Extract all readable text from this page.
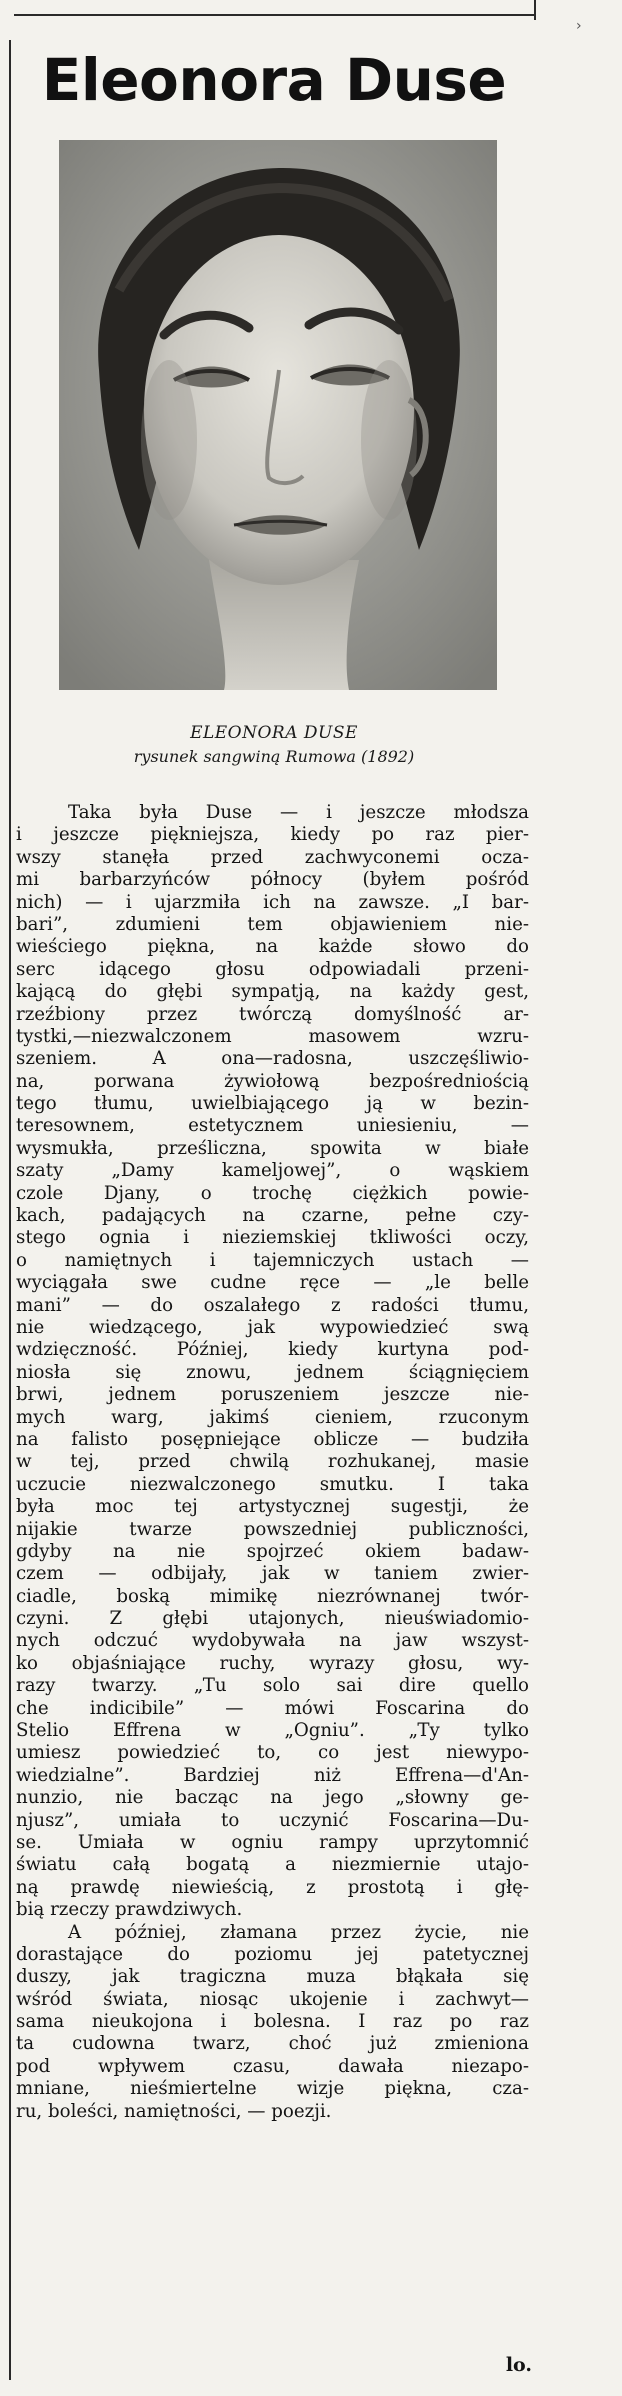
›
Eleonora Duse
ELEONORA DUSE
rysunek sangwiną Rumowa (1892)
Taka była Duse — i jeszcze młodsza
i jeszcze piękniejsza, kiedy po raz pier-
wszy stanęła przed zachwyconemi ocza-
mi barbarzyńców północy (byłem pośród
nich) — i ujarzmiła ich na zawsze. „I bar-
bari”, zdumieni tem objawieniem nie-
wieściego piękna, na każde słowo do
serc idącego głosu odpowiadali przeni-
kającą do głębi sympatją, na każdy gest,
rzeźbiony przez twórczą domyślność ar-
tystki,—niezwalczonem masowem wzru-
szeniem. A ona—radosna, uszczęśliwio-
na, porwana żywiołową bezpośredniością
tego tłumu, uwielbiającego ją w bezin-
teresownem, estetycznem uniesieniu, —
wysmukła, prześliczna, spowita w białe
szaty „Damy kameljowej”, o wąskiem
czole Djany, o trochę ciężkich powie-
kach, padających na czarne, pełne czy-
stego ognia i nieziemskiej tkliwości oczy,
o namiętnych i tajemniczych ustach —
wyciągała swe cudne ręce — „le belle
mani” — do oszalałego z radości tłumu,
nie wiedzącego, jak wypowiedzieć swą
wdzięczność. Później, kiedy kurtyna pod-
niosła się znowu, jednem ściągnięciem
brwi, jednem poruszeniem jeszcze nie-
mych warg, jakimś cieniem, rzuconym
na falisto posępniejące oblicze — budziła
w tej, przed chwilą rozhukanej, masie
uczucie niezwalczonego smutku. I taka
była moc tej artystycznej sugestji, że
nijakie twarze powszedniej publiczności,
gdyby na nie spojrzeć okiem badaw-
czem — odbijały, jak w taniem zwier-
ciadle, boską mimikę niezrównanej twór-
czyni. Z głębi utajonych, nieuświadomio-
nych odczuć wydobywała na jaw wszyst-
ko objaśniające ruchy, wyrazy głosu, wy-
razy twarzy. „Tu solo sai dire quello
che indicibile” — mówi Foscarina do
Stelio Effrena w „Ogniu”. „Ty tylko
umiesz powiedzieć to, co jest niewypo-
wiedzialne”. Bardziej niż Effrena—d'An-
nunzio, nie bacząc na jego „słowny ge-
njusz”, umiała to uczynić Foscarina—Du-
se. Umiała w ogniu rampy uprzytomnić
światu całą bogatą a niezmiernie utajo-
ną prawdę niewieścią, z prostotą i głę-
bią rzeczy prawdziwych.
A później, złamana przez życie, nie
dorastające do poziomu jej patetycznej
duszy, jak tragiczna muza błąkała się
wśród świata, niosąc ukojenie i zachwyt—
sama nieukojona i bolesna. I raz po raz
ta cudowna twarz, choć już zmieniona
pod wpływem czasu, dawała niezapo-
mniane, nieśmiertelne wizje piękna, czа-
ru, boleści, namiętności, — poezji.
lo.
